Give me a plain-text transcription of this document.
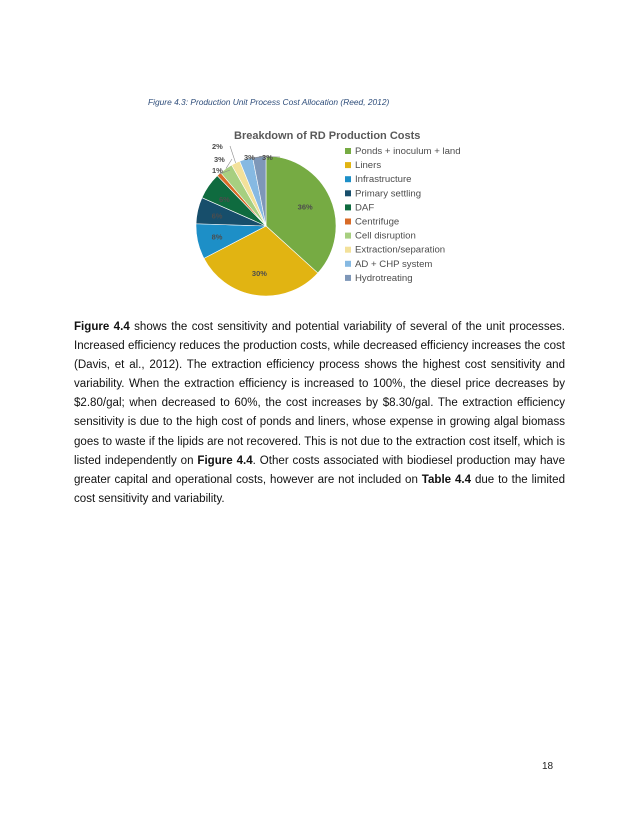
Figure 4.3: Production Unit Process Cost Allocation (Reed, 2012)
Breakdown of RD Production Costs
36%
30%
8%
6%
6%
1%
3%
2%
3% 3%
Ponds + inoculum + land
Liners
Infrastructure
Primary settling
DAF
Centrifuge
Cell disruption
Extraction/separation
AD + CHP system
Hydrotreating
Figure 4.4 shows the cost sensitivity and potential variability of several of the unit processes. Increased efficiency reduces the production costs, while decreased efficiency increases the cost (Davis, et al., 2012). The extraction efficiency process shows the highest cost sensitivity and variability. When the extraction efficiency is increased to 100%, the diesel price decreases by $2.80/gal; when decreased to 60%, the cost increases by $8.30/gal. The extraction efficiency sensitivity is due to the high cost of ponds and liners, whose expense in growing algal biomass goes to waste if the lipids are not recovered. This is not due to the extraction cost itself, which is listed independently on Figure 4.4. Other costs associated with biodiesel production may have greater capital and operational costs, however are not included on Table 4.4 due to the limited cost sensitivity and variability.
18
